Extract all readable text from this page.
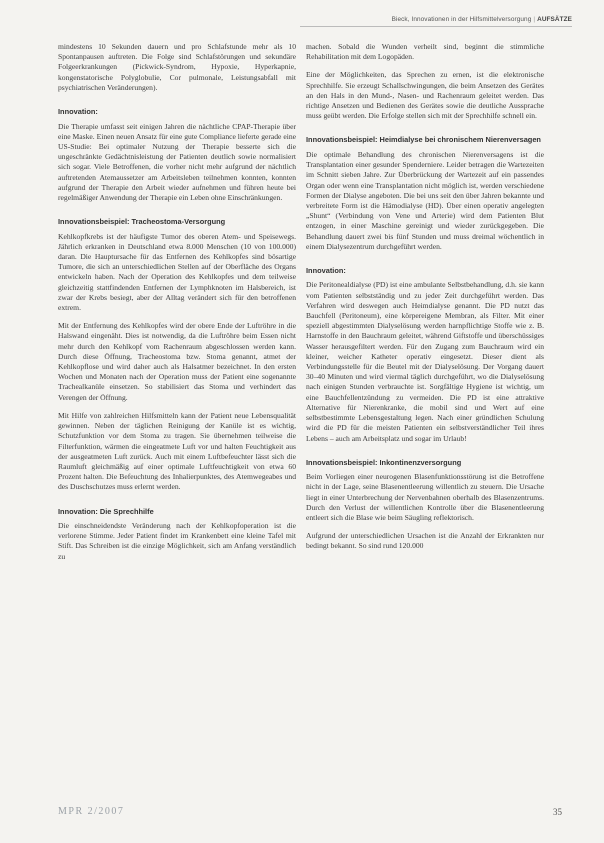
Bieck, Innovationen in der Hilfsmittelversorgung | AUFSÄTZE

mindestens 10 Sekunden dauern und pro Schlafstunde mehr als 10 Spontanpausen auftreten. Die Folge sind Schlafstörungen und sekundäre Folgeerkrankungen (Pickwick-Syndrom, Hypoxie, Hyperkapnie, kongenstatorische Polyglobulie, Cor pulmonale, Leistungsabfall mit psychiatrischen Veränderungen).

Innovation:

Die Therapie umfasst seit einigen Jahren die nächtliche CPAP-Therapie über eine Maske. Einen neuen Ansatz für eine gute Compliance lieferte gerade eine US-Studie: Bei optimaler Nutzung der Therapie besserte sich die ungeschränkte Gedächtnisleistung der Patienten deutlich sowie normalisiert sich sogar. Viele Betroffenen, die vorher nicht mehr aufgrund der nächtlich auftretenden Atemaussetzer am Arbeitsleben teilnehmen konnten, konnten aufgrund der Therapie den Arbeit wieder aufnehmen und führen heute bei regelmäßiger Anwendung der Therapie ein Leben ohne Einschränkungen.

Innovationsbeispiel: Tracheostoma-Versorgung

Kehlkopfkrebs ist der häufigste Tumor des oberen Atem- und Speisewegs. Jährlich erkranken in Deutschland etwa 8.000 Menschen (10 von 100.000) daran. Die Hauptursache für das Entfernen des Kehlkopfes sind bösartige Tumore, die sich an unterschiedlichen Stellen auf der Oberfläche des Organs entwickeln haben. Nach der Operation des Kehlkopfes und dem teilweise gleichzeitig stattfindenden Entfernen der Lymphknoten im Halsbereich, ist zwar der Krebs besiegt, aber der Alltag verändert sich für den betroffenen extrem.

Mit der Entfernung des Kehlkopfes wird der obere Ende der Luftröhre in die Halswand eingenäht. Dies ist notwendig, da die Luftröhre beim Essen nicht mehr durch den Kehlkopf vom Rachenraum abgeschlossen werden kann. Durch diese Öffnung, Tracheostoma bzw. Stoma genannt, atmet der Kehlkopflose und wird daher auch als Halsatmer bezeichnet. In den ersten Wochen und Monaten nach der Operation muss der Patient eine sogenannte Trachealkanüle einsetzen. So stabilisiert das Stoma und verhindert das Verengen der Öffnung.

Mit Hilfe von zahlreichen Hilfsmitteln kann der Patient neue Lebensqualität gewinnen. Neben der täglichen Reinigung der Kanüle ist es wichtig, Schutzfunktion vor dem Stoma zu tragen. Sie übernehmen teilweise die Filterfunktion, wärmen die eingeatmete Luft vor und halten Feuchtigkeit aus der ausgeatmeten Luft zurück. Auch mit einem Luftbefeuchter lässt sich die Raumluft gleichmäßig auf einer optimale Luftfeuchtigkeit von etwa 60 Prozent halten. Die Befeuchtung des Inhalierpunktes, des Atemwegeabes und des Duschschutzes muss erlernt werden.

Innovation: Die Sprechhilfe

Die einschneidendste Veränderung nach der Kehlkopfoperation ist die verlorene Stimme. Jeder Patient findet im Krankenbett eine kleine Tafel mit Stift. Das Schreiben ist die einzige Möglichkeit, sich am Anfang verständlich zu

machen. Sobald die Wunden verheilt sind, beginnt die stimmliche Rehabilitation mit dem Logopäden.

Eine der Möglichkeiten, das Sprechen zu ernen, ist die elektronische Sprechhilfe. Sie erzeugt Schallschwingungen, die beim Ansetzen des Gerätes an den Hals in den Mund-, Nasen- und Rachenraum geleitet werden. Das richtige Ansetzen und Bedienen des Gerätes sowie die deutliche Aussprache muss geübt werden. Die Erfolge stellen sich mit der Sprechhilfe schnell ein.

Innovationsbeispiel: Heimdialyse bei chronischem Nierenversagen

Die optimale Behandlung des chronischen Nierenversagens ist die Transplantation einer gesunder Spenderniere. Leider betragen die Wartezeiten im Schnitt sieben Jahre. Zur Überbrückung der Wartezeit auf ein passendes Organ oder wenn eine Transplantation nicht möglich ist, werden verschiedene Formen der Dialyse angeboten. Die bei uns seit den über Jahren bekannte und verbreitete Form ist die Hämodialyse (HD). Über einen operativ angelegten „Shunt“ (Verbindung von Vene und Arterie) wird dem Patienten Blut entzogen, in einer Maschine gereinigt und wieder zurückgegeben. Die Behandlung dauert zwei bis fünf Stunden und muss dreimal wöchentlich in einem Dialysezentrum durchgeführt werden.

Innovation:

Die Peritonealdialyse (PD) ist eine ambulante Selbstbehandlung, d.h. sie kann vom Patienten selbstständig und zu jeder Zeit durchgeführt werden. Das Verfahren wird deswegen auch Heimdialyse genannt. Die PD nutzt das Bauchfell (Peritoneum), eine körpereigene Membran, als Filter. Mit einer speziell abgestimmten Dialyselösung werden harnpflichtige Stoffe wie z. B. Harnstoffe in den Bauchraum geleitet, während Giftstoffe und überschüssiges Wasser herausgefiltert werden. Für den Zugang zum Bauchraum wird ein kleiner, weicher Katheter operativ eingesetzt. Dieser dient als Verbindungsstelle für die Beutel mit der Dialyselösung. Der Vorgang dauert 30–40 Minuten und wird viermal täglich durchgeführt, wo die Dialyselösung nach einigen Stunden verbrauchte ist. Sorgfältige Hygiene ist wichtig, um eine Bauchfellentzündung zu vermeiden. Die PD ist eine attraktive Alternative für Nierenkranke, die mobil sind und Wert auf eine selbstbestimmte Lebensgestaltung legen. Nach einer gründlichen Schulung wird die PD für die meisten Patienten ein selbstverständlicher Teil ihres Lebens – auch am Arbeitsplatz und sogar im Urlaub!

Innovationsbeispiel: Inkontinenzversorgung

Beim Vorliegen einer neurogenen Blasenfunktionsstörung ist die Betroffene nicht in der Lage, seine Blasenentleerung willentlich zu steuern. Die Ursache liegt in einer Unterbrechung der Nervenbahnen oberhalb des Blasenzentrums. Durch den Verlust der willentlichen Kontrolle über die Blasenentleerung entleert sich die Blase wie beim Säugling reflektorisch.

Aufgrund der unterschiedlichen Ursachen ist die Anzahl der Erkrankten nur bedingt bekannt. So sind rund 120.000

MPR 2/2007	35
